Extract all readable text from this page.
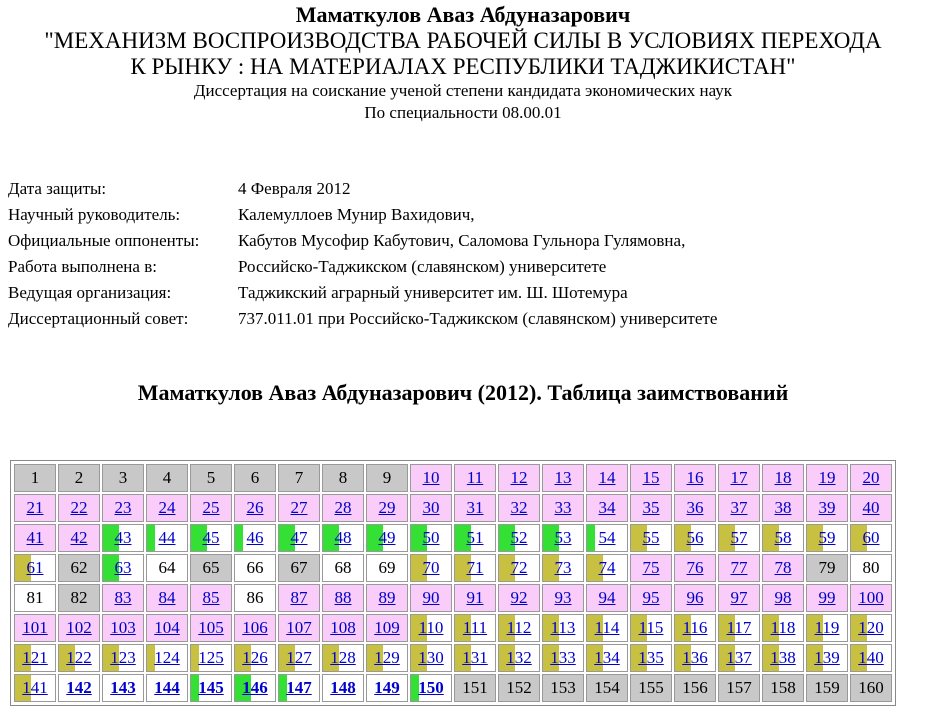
Маматкулов Аваз Абдуназарович
"МЕХАНИЗМ ВОСПРОИЗВОДСТВА РАБОЧЕЙ СИЛЫ В УСЛОВИЯХ ПЕРЕХОДА
К РЫНКУ : НА МАТЕРИАЛАХ РЕСПУБЛИКИ ТАДЖИКИСТАН"
Диссертация на соискание ученой степени кандидата экономических наук
По специальности 08.00.01
Дата защиты:	4 Февраля 2012
Научный руководитель:	Калемуллоев Мунир Вахидович,
Официальные оппоненты: Кабутов Мусофир Кабутович, Саломова Гульнора Гулямовна,
Работа выполнена в:	Российско-Таджикском (славянском) университете
Ведущая организация:	Таджикский аграрный университет им. Ш. Шотемура
Диссертационный совет:	737.011.01 при Российско-Таджикском (славянском) университете
Маматкулов Аваз Абдуназарович (2012). Таблица заимствований
1	2	3	4	5	6	7	8	9	10	11	12	13	14	15	16	17	18	19	20

21	22	23	24	25	26	27	28	29	30	31	32	33	34	35	36	37	38	39	40

41	42	43	44	45	46	47	48	49	50	51	52	53	54	55	56	57	58	59	60

61	62	63	64	65	66	67	68	69	70	71	72	73	74	75	76	77	78	79	80
81	82	83	84	85	86	87	88	89	90	91	92	93	94	95	96	97	98	99	100

101	102	103	104	105	106	107	108	109	110	111	112	113	114	115	116	117	118	119	120

121	122	123	124	125	126	127	128	129	130	131	132	133	134	135	136	137	138	139	140

141	142	143	144	145	146	147	148	149	150	151	152	153	154	155	156	157	158	159	160
